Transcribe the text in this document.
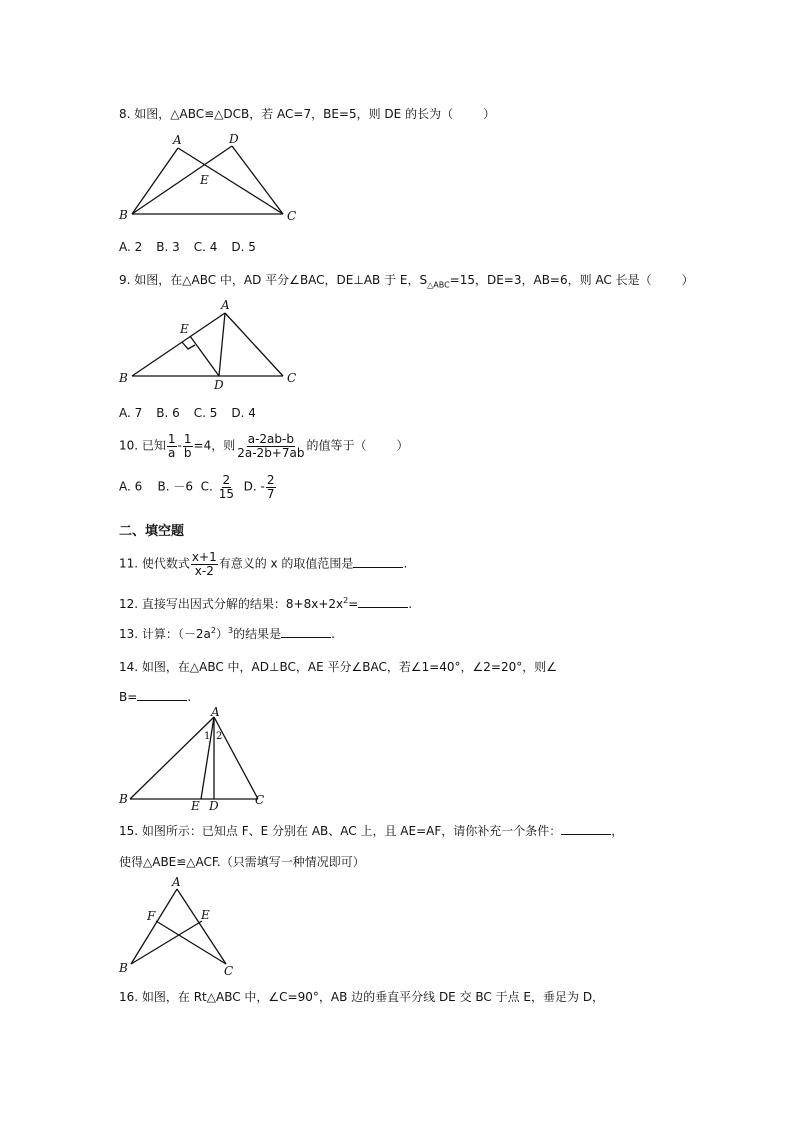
8. 如图，△ABC≌△DCB，若 AC=7，BE=5，则 DE 的长为（	）
A	D
E
B	C
A. 2 B. 3 C. 4 D. 5
9. 如图，在△ABC 中，AD 平分∠BAC，DE⊥AB 于 E，$S_{\triangle ABC}=15$，DE=3，AB=6，则 AC 长是（	）
A
E
B	D	C
A. 7 B. 6 C. 5 D. 4
10. 已知 $\frac{1}{a} - \frac{1}{b} =4$，则 $\frac{a-2ab-b}{2a-2b+7ab}$ 的值等于（	）
A. 6 B. －6 C. $\frac{2}{15} D$. - $\frac{2}{7}$
二、填空题
11. 使代数式 $\frac{x+1}{x-2}$ 有意义的 x 的取值范围是	.
12. 直接写出因式分解的结果：$8+8x+2x^2=$	.
13. 计算：$(-2a^2)^3$的结果是	.
14. 如图，在△ABC 中，AD⊥BC，AE 平分∠BAC，若∠1=40°，∠2=20°，则∠
B=	.
A
1 2
B	E D	C
15. 如图所示：已知点 F、E 分别在 AB、AC 上，且 AE=AF，请你补充一个条件：	，
使得△ABE≌△ACF.（只需填写一种情况即可）
A
F	E
B	C
16. 如图，在 Rt△ABC 中，∠C=90°，AB 边的垂直平分线 DE 交 BC 于点 E，垂足为 D，
